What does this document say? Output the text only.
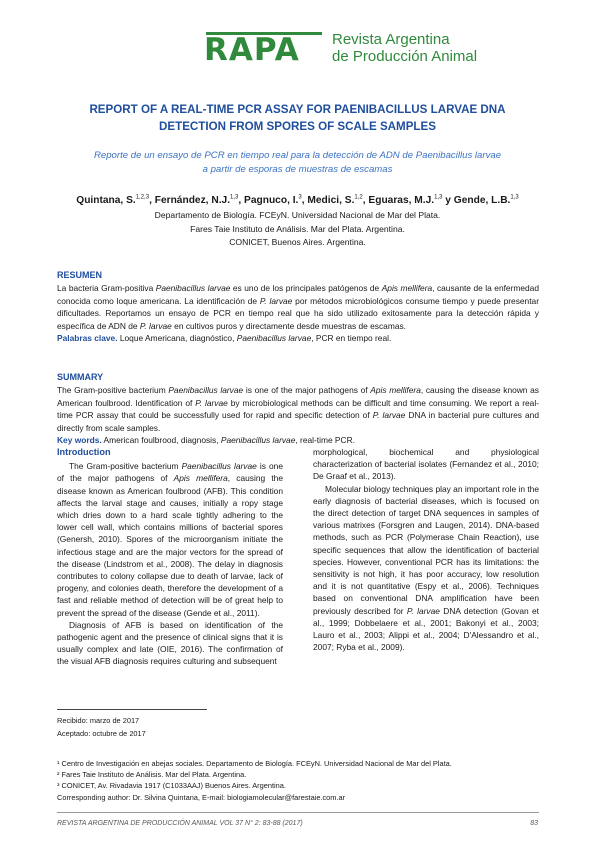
RAPA Revista Argentina
de Producción Animal
REPORT OF A REAL-TIME PCR ASSAY FOR PAENIBACILLUS LARVAE DNA
DETECTION FROM SPORES OF SCALE SAMPLES
Reporte de un ensayo de PCR en tiempo real para la detección de ADN de Paenibacillus larvae
a partir de esporas de muestras de escamas
Quintana, S.$^{1,2,3}$, Fernández, N.J.$^{1,3}$, Pagnuco, I.$^3$, Medici, S.$^{1,2}$, Eguaras, M.J.$^{1,3}$ y Gende, L.B.$^{1,3}$
Departamento de Biología. FCEyN. Universidad Nacional de Mar del Plata.
Fares Taie Instituto de Análisis. Mar del Plata. Argentina.
CONICET, Buenos Aires. Argentina.
RESUMEN
La bacteria Gram-positiva Paenibacillus larvae es uno de los principales patógenos de Apis mellifera, causante de la enfermedad conocida como loque americana. La identificación de P. larvae por métodos microbiológicos consume tiempo y puede presentar dificultades. Reportamos un ensayo de PCR en tiempo real que ha sido utilizado exitosamente para la detección rápida y específica de ADN de P. larvae en cultivos puros y directamente desde muestras de escamas.
Palabras clave. Loque Americana, diagnóstico, Paenibacillus larvae, PCR en tiempo real.
SUMMARY
The Gram-positive bacterium Paenibacillus larvae is one of the major pathogens of Apis mellifera, causing the disease known as American foulbrood. Identification of P. larvae by microbiological methods can be difficult and time consuming. We report a real-time PCR assay that could be successfully used for rapid and specific detection of P. larvae DNA in bacterial pure cultures and directly from scale samples.
Key words. American foulbrood, diagnosis, Paenibacillus larvae, real-time PCR.
Introduction

The Gram-positive bacterium Paenibacillus larvae is one of the major pathogens of Apis mellifera, causing the disease known as American foulbrood (AFB). This condition affects the larval stage and causes, initially a ropy stage which dries down to a hard scale tightly adhering to the lower cell wall, which contains millions of bacterial spores (Genersh, 2010). Spores of the microorganism initiate the infectious stage and are the major vectors for the spread of the disease (Lindstrom et al., 2008). The delay in diagnosis contributes to colony collapse due to death of larvae, lack of progeny, and colonies death, therefore the development of a fast and reliable method of detection will be of great help to prevent the spread of the disease (Gende et al., 2011).

Diagnosis of AFB is based on identification of the pathogenic agent and the presence of clinical signs that it is usually complex and late (OIE, 2016). The confirmation of the visual AFB diagnosis requires culturing and subsequent

morphological, biochemical and physiological characterization of bacterial isolates (Fernandez et al., 2010; De Graaf et al., 2013).

Molecular biology techniques play an important role in the early diagnosis of bacterial diseases, which is focused on the direct detection of target DNA sequences in samples of various matrixes (Forsgren and Laugen, 2014). DNA-based methods, such as PCR (Polymerase Chain Reaction), use specific sequences that allow the identification of bacterial species. However, conventional PCR has its limitations: the sensitivity is not high, it has poor accuracy, low resolution and it is not quantitative (Espy et al., 2006). Techniques based on conventional DNA amplification have been previously described for P. larvae DNA detection (Govan et al., 1999; Dobbelaere et al., 2001; Bakonyi et al., 2003; Lauro et al., 2003; Alippi et al., 2004; D'Alessandro et al., 2007; Ryba et al., 2009).

Recibido: marzo de 2017
Aceptado: octubre de 2017
¹ Centro de Investigación en abejas sociales. Departamento de Biología. FCEyN. Universidad Nacional de Mar del Plata.
² Fares Taie Instituto de Análisis. Mar del Plata. Argentina.
³ CONICET, Av. Rivadavia 1917 (C1033AAJ) Buenos Aires. Argentina.
Corresponding author: Dr. Silvina Quintana, E-mail: biologiamolecular@farestaie.com.ar
REVISTA ARGENTINA DE PRODUCCIÓN ANIMAL VOL 37 N° 2: 83-88 (2017)	83
